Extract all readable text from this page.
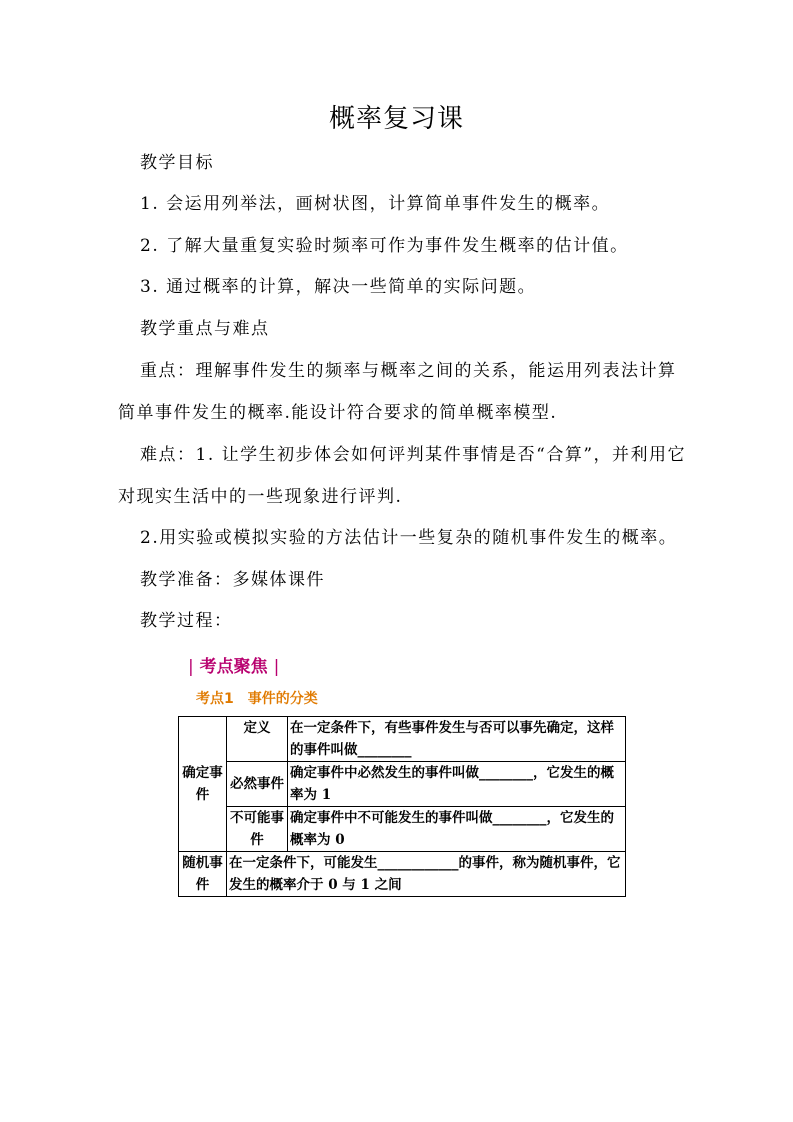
概率复习课
教学目标
1. 会运用列举法，画树状图，计算简单事件发生的概率。
2. 了解大量重复实验时频率可作为事件发生概率的估计值。
3. 通过概率的计算，解决一些简单的实际问题。
教学重点与难点
重点：理解事件发生的频率与概率之间的关系，能运用列表法计算
简单事件发生的概率.能设计符合要求的简单概率模型.
难点：1. 让学生初步体会如何评判某件事情是否“合算”，并利用它
对现实生活中的一些现象进行评判.
2.用实验或模拟实验的方法估计一些复杂的随机事件发生的概率。
教学准备：多媒体课件
教学过程：
| 考点聚焦 |
考点1　事件的分类
确定事件	定义	在一定条件下，有些事件发生与否可以事先确定，这样的事件叫做________
	必然事件	确定事件中必然发生的事件叫做________，它发生的概率为 1
	不可能事件	确定事件中不可能发生的事件叫做________，它发生的概率为 0
随机事件	在一定条件下，可能发生____________的事件，称为随机事件，它发生的概率介于 0 与 1 之间	
